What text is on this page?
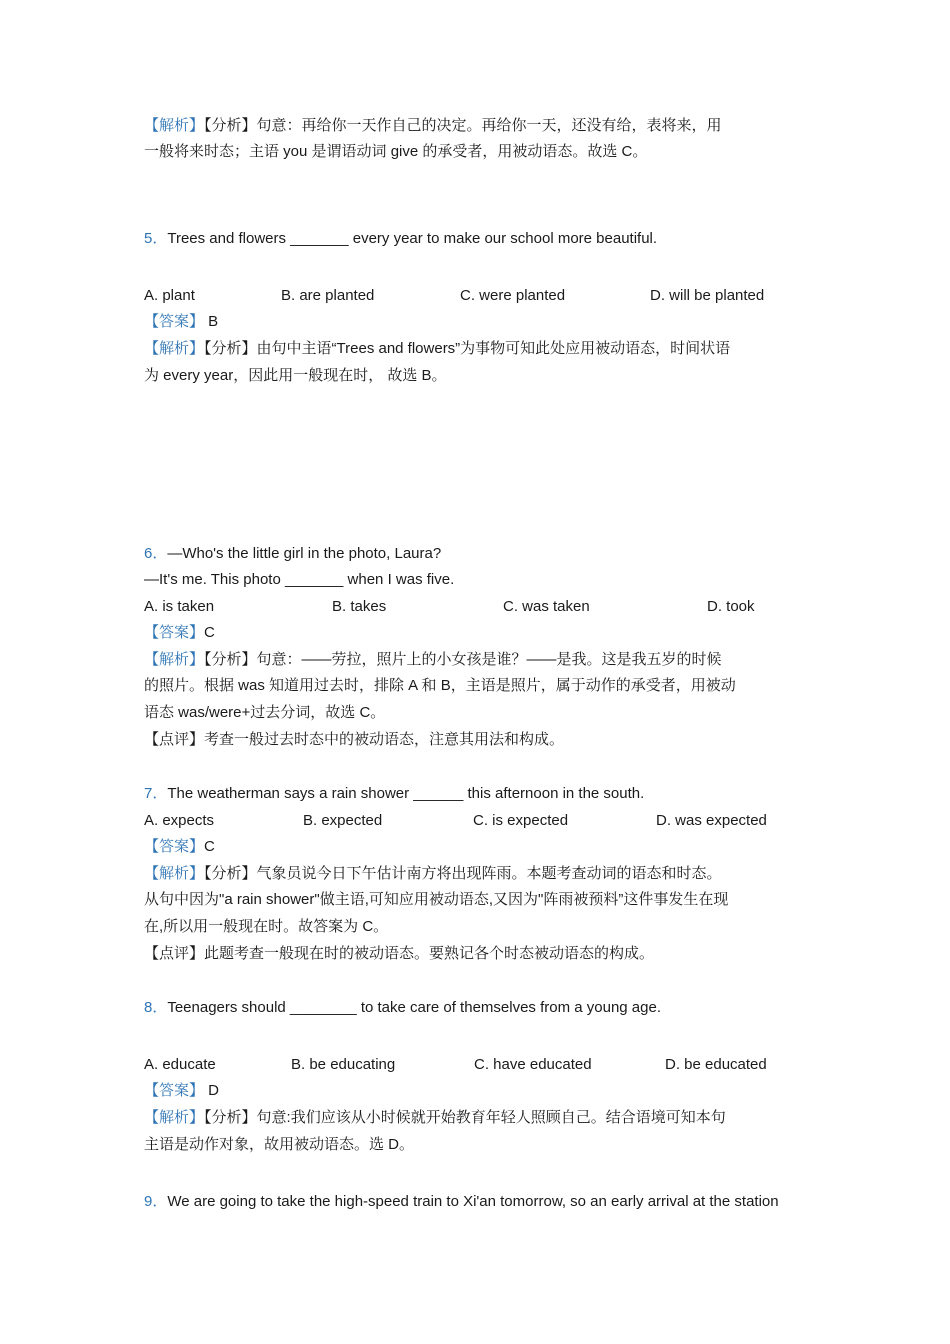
【解析】【分析】句意：再给你一天作自己的决定。再给你一天，还没有给，表将来，用
一般将来时态；主语 you 是谓语动词 give 的承受者，用被动语态。故选 C。
5．Trees and flowers _______ every year to make our school more beautiful.
A. plant	B. are planted	C. were planted	D. will be planted
【答案】 B
【解析】【分析】由句中主语“Trees and flowers”为事物可知此处应用被动语态，时间状语
为 every year，因此用一般现在时， 故选 B。
6．—Who's the little girl in the photo, Laura?
—It's me. This photo _______ when I was five.
A. is taken	B. takes	C. was taken	D. took
【答案】C
【解析】【分析】句意：——劳拉，照片上的小女孩是谁？——是我。这是我五岁的时候
的照片。根据 was 知道用过去时，排除 A 和 B，主语是照片，属于动作的承受者，用被动
语态 was/were+过去分词，故选 C。
【点评】考查一般过去时态中的被动语态，注意其用法和构成。
7．The weatherman says a rain shower ______ this afternoon in the south.
A. expects	B. expected	C. is expected	D. was expected
【答案】C
【解析】【分析】气象员说今日下午估计南方将出现阵雨。本题考查动词的语态和时态。
从句中因为"a rain shower"做主语,可知应用被动语态,又因为"阵雨被预料”这件事发生在现
在,所以用一般现在时。故答案为 C。
【点评】此题考查一般现在时的被动语态。要熟记各个时态被动语态的构成。
8．Teenagers should ________ to take care of themselves from a young age.
A. educate	B. be educating	C. have educated	D. be educated
【答案】 D
【解析】【分析】句意:我们应该从小时候就开始教育年轻人照顾自己。结合语境可知本句
主语是动作对象，故用被动语态。选 D。
9．We are going to take the high-speed train to Xi'an tomorrow, so an early arrival at the station
